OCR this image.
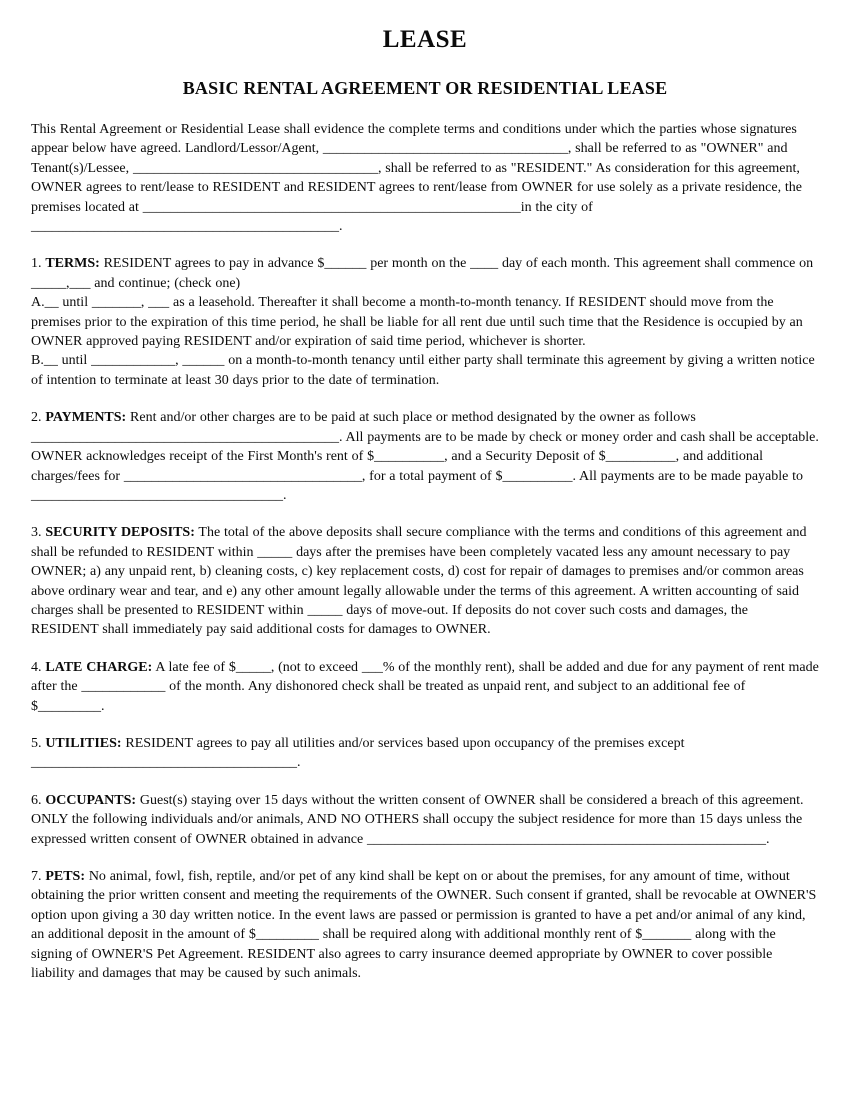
LEASE
BASIC RENTAL AGREEMENT OR RESIDENTIAL LEASE

This Rental Agreement or Residential Lease shall evidence the complete terms and conditions under which the parties whose signatures appear below have agreed. Landlord/Lessor/Agent, ___________________________________, shall be referred to as "OWNER" and Tenant(s)/Lessee, ___________________________________, shall be referred to as "RESIDENT." As consideration for this agreement, OWNER agrees to rent/lease to RESIDENT and RESIDENT agrees to rent/lease from OWNER for use solely as a private residence, the premises located at ______________________________________________________in the city of ____________________________________________.

1. TERMS: RESIDENT agrees to pay in advance $______ per month on the ____ day of each month. This agreement shall commence on _____,___ and continue; (check one)

A.__ until _______, ___ as a leasehold. Thereafter it shall become a month-to-month tenancy. If RESIDENT should move from the premises prior to the expiration of this time period, he shall be liable for all rent due until such time that the Residence is occupied by an OWNER approved paying RESIDENT and/or expiration of said time period, whichever is shorter.

B.__ until ____________, ______ on a month-to-month tenancy until either party shall terminate this agreement by giving a written notice of intention to terminate at least 30 days prior to the date of termination.

2. PAYMENTS: Rent and/or other charges are to be paid at such place or method designated by the owner as follows ____________________________________________. All payments are to be made by check or money order and cash shall be acceptable. OWNER acknowledges receipt of the First Month's rent of $__________, and a Security Deposit of $__________, and additional charges/fees for __________________________________, for a total payment of $__________. All payments are to be made payable to ____________________________________.

3. SECURITY DEPOSITS: The total of the above deposits shall secure compliance with the terms and conditions of this agreement and shall be refunded to RESIDENT within _____ days after the premises have been completely vacated less any amount necessary to pay OWNER; a) any unpaid rent, b) cleaning costs, c) key replacement costs, d) cost for repair of damages to premises and/or common areas above ordinary wear and tear, and e) any other amount legally allowable under the terms of this agreement. A written accounting of said charges shall be presented to RESIDENT within _____ days of move-out. If deposits do not cover such costs and damages, the RESIDENT shall immediately pay said additional costs for damages to OWNER.

4. LATE CHARGE: A late fee of $_____, (not to exceed ___% of the monthly rent), shall be added and due for any payment of rent made after the ____________ of the month. Any dishonored check shall be treated as unpaid rent, and subject to an additional fee of $_________.

5. UTILITIES: RESIDENT agrees to pay all utilities and/or services based upon occupancy of the premises except ______________________________________.

6. OCCUPANTS: Guest(s) staying over 15 days without the written consent of OWNER shall be considered a breach of this agreement. ONLY the following individuals and/or animals, AND NO OTHERS shall occupy the subject residence for more than 15 days unless the expressed written consent of OWNER obtained in advance _________________________________________________________.

7. PETS: No animal, fowl, fish, reptile, and/or pet of any kind shall be kept on or about the premises, for any amount of time, without obtaining the prior written consent and meeting the requirements of the OWNER. Such consent if granted, shall be revocable at OWNER'S option upon giving a 30 day written notice. In the event laws are passed or permission is granted to have a pet and/or animal of any kind, an additional deposit in the amount of $_________ shall be required along with additional monthly rent of $_______ along with the signing of OWNER'S Pet Agreement. RESIDENT also agrees to carry insurance deemed appropriate by OWNER to cover possible liability and damages that may be caused by such animals.
